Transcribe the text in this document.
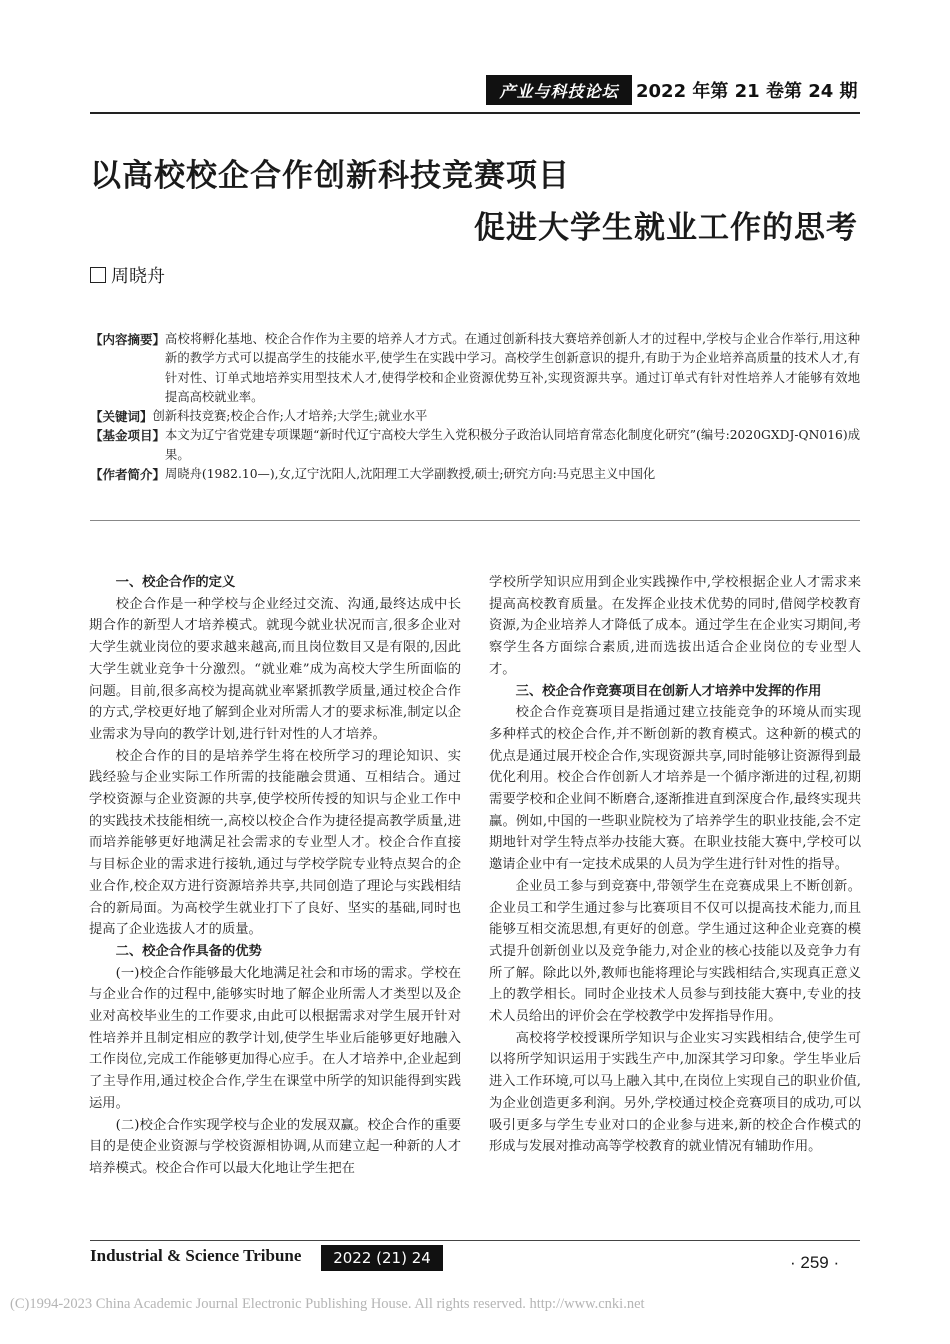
产业与科技论坛 2022 年第 21 卷第 24 期
以高校校企合作创新科技竞赛项目
促进大学生就业工作的思考
周晓舟
【内容摘要】 高校将孵化基地、校企合作作为主要的培养人才方式。在通过创新科技大赛培养创新人才的过程中,学校与企业合作举行,用这种新的教学方式可以提高学生的技能水平,使学生在实践中学习。高校学生创新意识的提升,有助于为企业培养高质量的技术人才,有针对性、订单式地培养实用型技术人才,使得学校和企业资源优势互补,实现资源共享。通过订单式有针对性培养人才能够有效地提高高校就业率。
【关键词】 创新科技竞赛;校企合作;人才培养;大学生;就业水平
【基金项目】 本文为辽宁省党建专项课题“新时代辽宁高校大学生入党积极分子政治认同培育常态化制度化研究”(编号:2020GXDJ-QN016)成果。
【作者简介】 周晓舟(1982.10—),女,辽宁沈阳人,沈阳理工大学副教授,硕士;研究方向:马克思主义中国化
一、校企合作的定义

校企合作是一种学校与企业经过交流、沟通,最终达成中长期合作的新型人才培养模式。就现今就业状况而言,很多企业对大学生就业岗位的要求越来越高,而且岗位数目又是有限的,因此大学生就业竞争十分激烈。“就业难”成为高校大学生所面临的问题。目前,很多高校为提高就业率紧抓教学质量,通过校企合作的方式,学校更好地了解到企业对所需人才的要求标准,制定以企业需求为导向的教学计划,进行针对性的人才培养。

校企合作的目的是培养学生将在校所学习的理论知识、实践经验与企业实际工作所需的技能融会贯通、互相结合。通过学校资源与企业资源的共享,使学校所传授的知识与企业工作中的实践技术技能相统一,高校以校企合作为捷径提高教学质量,进而培养能够更好地满足社会需求的专业型人才。校企合作直接与目标企业的需求进行接轨,通过与学校学院专业特点契合的企业合作,校企双方进行资源培养共享,共同创造了理论与实践相结合的新局面。为高校学生就业打下了良好、坚实的基础,同时也提高了企业选拔人才的质量。

二、校企合作具备的优势

(一)校企合作能够最大化地满足社会和市场的需求。学校在与企业合作的过程中,能够实时地了解企业所需人才类型以及企业对高校毕业生的工作要求,由此可以根据需求对学生展开针对性培养并且制定相应的教学计划,使学生毕业后能够更好地融入工作岗位,完成工作能够更加得心应手。在人才培养中,企业起到了主导作用,通过校企合作,学生在课堂中所学的知识能得到实践运用。

(二)校企合作实现学校与企业的发展双赢。校企合作的重要目的是使企业资源与学校资源相协调,从而建立起一种新的人才培养模式。校企合作可以最大化地让学生把在

学校所学知识应用到企业实践操作中,学校根据企业人才需求来提高高校教育质量。在发挥企业技术优势的同时,借阅学校教育资源,为企业培养人才降低了成本。通过学生在企业实习期间,考察学生各方面综合素质,进而选拔出适合企业岗位的专业型人才。

三、校企合作竞赛项目在创新人才培养中发挥的作用

校企合作竞赛项目是指通过建立技能竞争的环境从而实现多种样式的校企合作,并不断创新的教育模式。这种新的模式的优点是通过展开校企合作,实现资源共享,同时能够让资源得到最优化利用。校企合作创新人才培养是一个循序渐进的过程,初期需要学校和企业间不断磨合,逐渐推进直到深度合作,最终实现共赢。例如,中国的一些职业院校为了培养学生的职业技能,会不定期地针对学生特点举办技能大赛。在职业技能大赛中,学校可以邀请企业中有一定技术成果的人员为学生进行针对性的指导。

企业员工参与到竞赛中,带领学生在竞赛成果上不断创新。企业员工和学生通过参与比赛项目不仅可以提高技术能力,而且能够互相交流思想,有更好的创意。学生通过这种企业竞赛的模式提升创新创业以及竞争能力,对企业的核心技能以及竞争力有所了解。除此以外,教师也能将理论与实践相结合,实现真正意义上的教学相长。同时企业技术人员参与到技能大赛中,专业的技术人员给出的评价会在学校教学中发挥指导作用。

高校将学校授课所学知识与企业实习实践相结合,使学生可以将所学知识运用于实践生产中,加深其学习印象。学生毕业后进入工作环境,可以马上融入其中,在岗位上实现自己的职业价值,为企业创造更多利润。另外,学校通过校企竞赛项目的成功,可以吸引更多与学生专业对口的企业参与进来,新的校企合作模式的形成与发展对推动高等学校教育的就业情况有辅助作用。

Industrial & Science Tribune	2022 (21) 24	· 259 ·
(C)1994-2023 China Academic Journal Electronic Publishing House. All rights reserved. http://www.cnki.net
